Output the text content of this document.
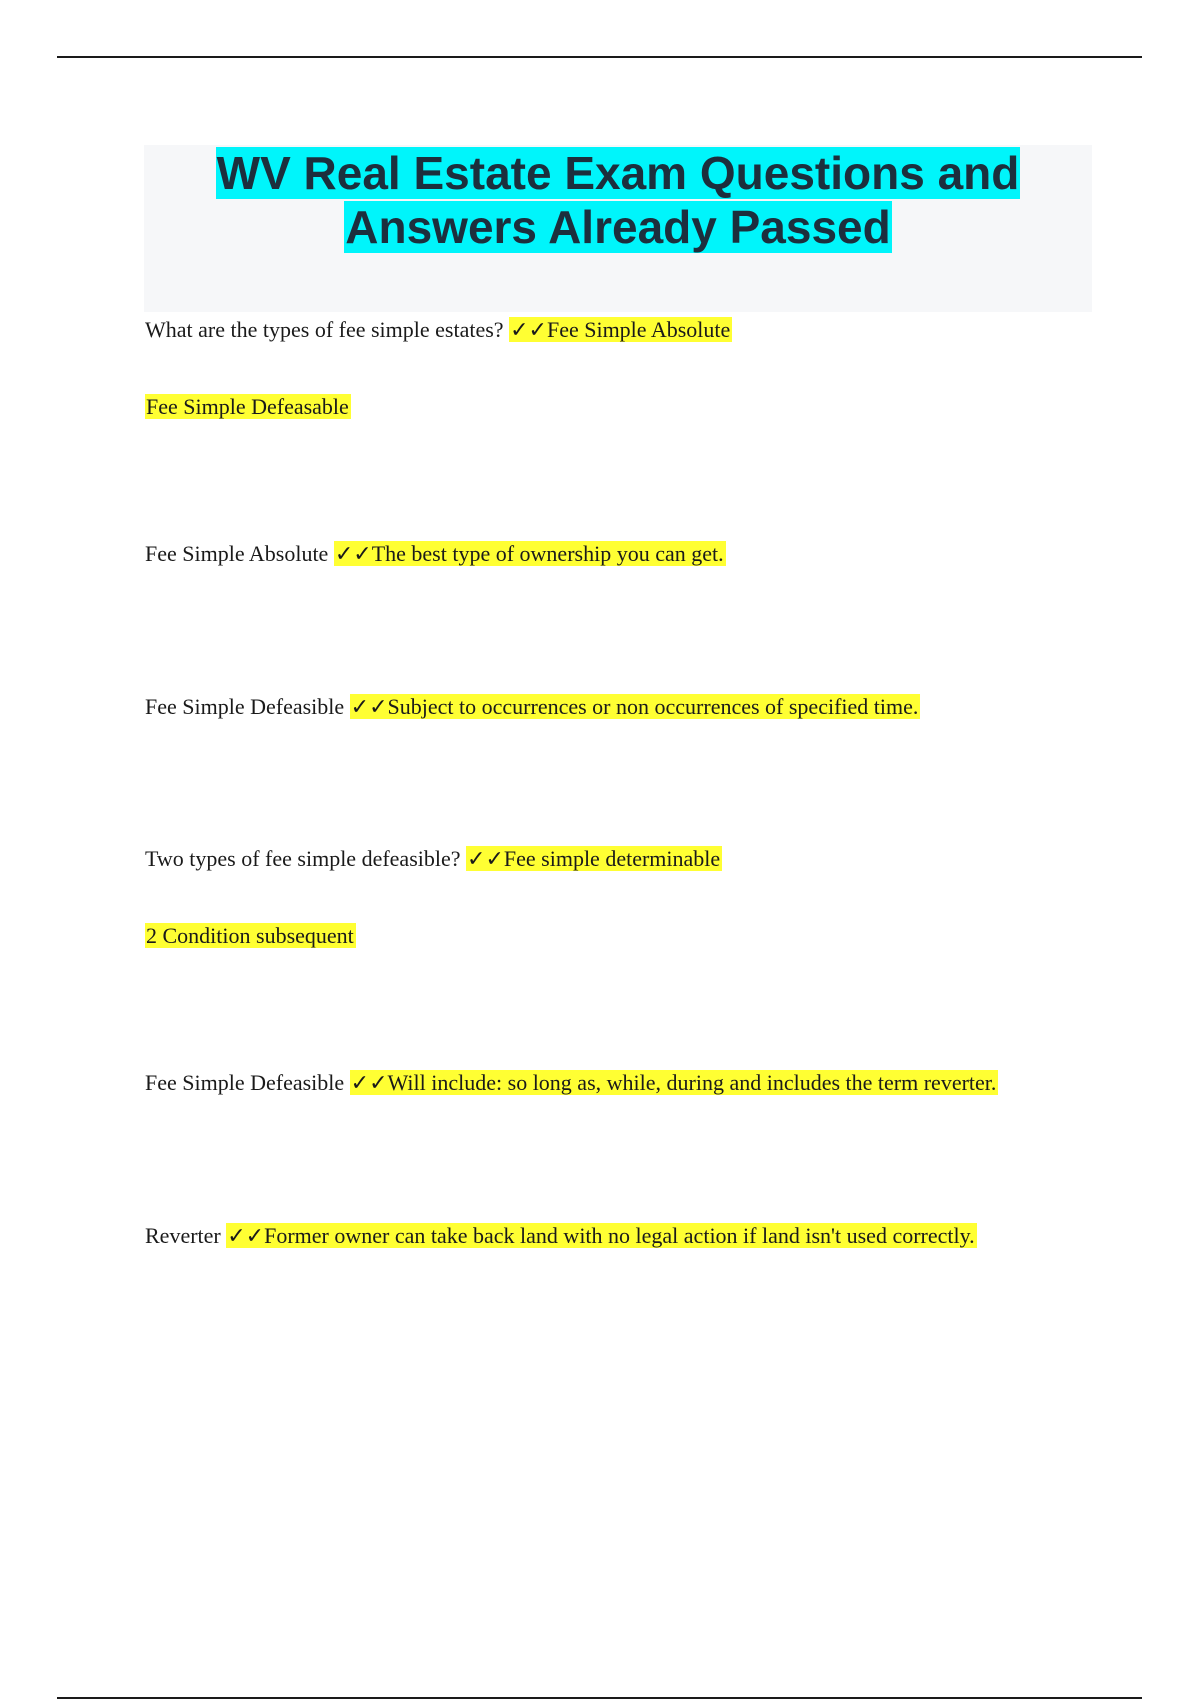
WV Real Estate Exam Questions and
Answers Already Passed

What are the types of fee simple estates? ✓✓Fee Simple Absolute

Fee Simple Defeasable

Fee Simple Absolute ✓✓The best type of ownership you can get.

Fee Simple Defeasible ✓✓Subject to occurrences or non occurrences of specified time.

Two types of fee simple defeasible? ✓✓Fee simple determinable

2 Condition subsequent

Fee Simple Defeasible ✓✓Will include: so long as, while, during and includes the term reverter.

Reverter ✓✓Former owner can take back land with no legal action if land isn't used correctly.
